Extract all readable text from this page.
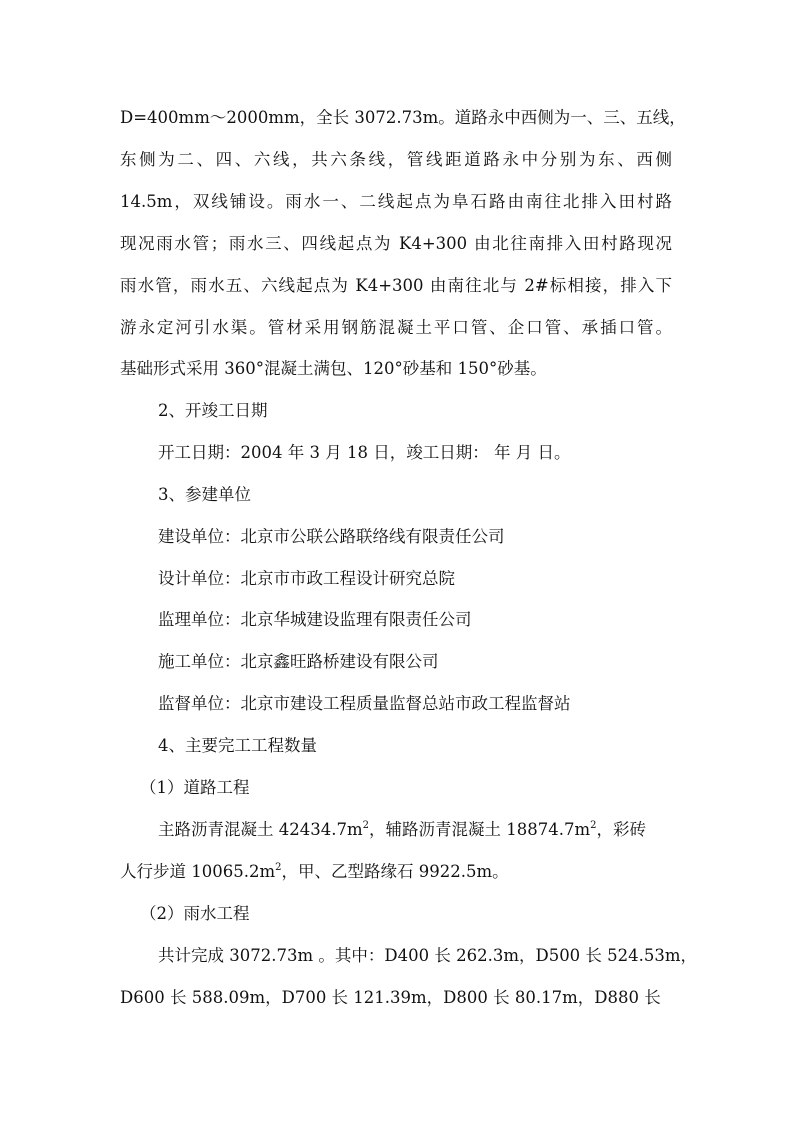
D=400mm～2000mm，全长 3072.73m。道路永中西侧为一、三、五线，
东侧为二、四、六线，共六条线，管线距道路永中分别为东、西侧
14.5m，双线铺设。雨水一、二线起点为阜石路由南往北排入田村路
现况雨水管；雨水三、四线起点为 K4+300 由北往南排入田村路现况
雨水管，雨水五、六线起点为 K4+300 由南往北与 2#标相接，排入下
游永定河引水渠。管材采用钢筋混凝土平口管、企口管、承插口管。
基础形式采用 360°混凝土满包、120°砂基和 150°砂基。
2、开竣工日期
开工日期：2004 年 3 月 18 日，竣工日期： 年 月 日。
3、参建单位
建设单位：北京市公联公路联络线有限责任公司
设计单位：北京市市政工程设计研究总院
监理单位：北京华城建设监理有限责任公司
施工单位：北京鑫旺路桥建设有限公司
监督单位：北京市建设工程质量监督总站市政工程监督站
4、主要完工工程数量
（1）道路工程
主路沥青混凝土 $42434.7m^2$，辅路沥青混凝土 $18874.7m^2$，彩砖
人行步道 $10065.2m^2$，甲、乙型路缘石 9922.5m。
（2）雨水工程
共计完成 3072.73m 。其中：D400 长 262.3m，D500 长 524.53m，
D600 长 588.09m，D700 长 121.39m，D800 长 80.17m，D880 长
